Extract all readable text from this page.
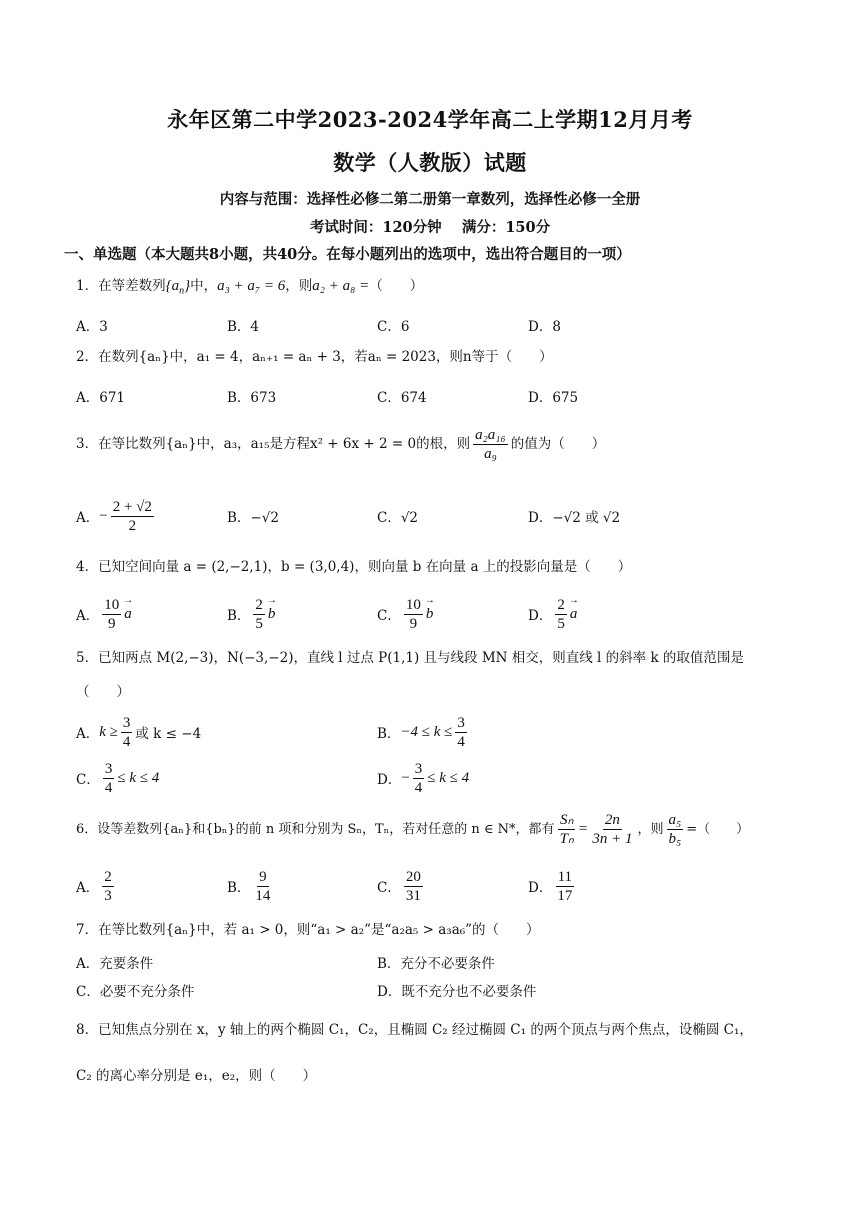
永年区第二中学2023-2024学年高二上学期12月月考
数学（人教版）试题
内容与范围：选择性必修二第二册第一章数列，选择性必修一全册
考试时间：120分钟    满分：150分
一、单选题（本大题共8小题，共40分。在每小题列出的选项中，选出符合题目的一项）
1．在等差数列$\{a_n\}$中，a₃ + a₇ = 6，则a₂ + a₈ =（　　）
A．3	B．4	C．6	D．8
2．在数列{aₙ}中，a₁ = 4，aₙ₊₁ = aₙ + 3，若aₙ = 2023，则n等于（　　）
A．671	B．673	C．674	D．675
3．在等比数列{aₙ}中，a₃，a₁₅是方程x² + 6x + 2 = 0的根，则 $\frac{\text{a₂a₁₆}}{\text{a₉}}$ 的值为（　　）
A． − $\frac{2 + √2}{2}$	B．−√2	C．√2	D．−√2 或 √2
4．已知空间向量 a = (2,−2,1)，b = (3,0,4)，则向量 b 在向量 a 上的投影向量是（　　）
A． $\frac{10}{9}$
→ a	B． $\frac{2}{5}$
→ b	C． $\frac{10}{9}$
→ b	D． $\frac{2}{5}$
→ a
5．已知两点 M(2,−3)，N(−3,−2)，直线 l 过点 P(1,1) 且与线段 MN 相交，则直线 l 的斜率 k 的取值范围是
（　　）
A． $k \ge \frac{3}{4}$ 或 k ≤ −4	B． $-4 \le k \le \frac{3}{4}$
C． $\frac{3}{4} \le k \le 4$	D． − $\frac{3}{4} \le k \le 4$
6．设等差数列{aₙ}和{bₙ}的前 n 项和分别为 Sₙ，Tₙ，若对任意的 n ∈ N*，都有 $\frac{\text{Sₙ}}{\text{Tₙ}} = \frac{2n}{3n + 1}$ ，则 $\frac{\text{a₅}}{\text{b₅}}$ =（　　）
A． $\frac{2}{3}$	B． $\frac{9}{14}$	C． $\frac{20}{31}$	D． $\frac{11}{17}$
7．在等比数列{aₙ}中，若 a₁ > 0，则“a₁ > a₂”是“a₂a₅ > a₃a₆”的（　　）
A．充要条件	B．充分不必要条件
C．必要不充分条件	D．既不充分也不必要条件
8．已知焦点分别在 x，y 轴上的两个椭圆 C₁，C₂，且椭圆 C₂ 经过椭圆 C₁ 的两个顶点与两个焦点，设椭圆 C₁，
C₂ 的离心率分别是 e₁，e₂，则（　　）
